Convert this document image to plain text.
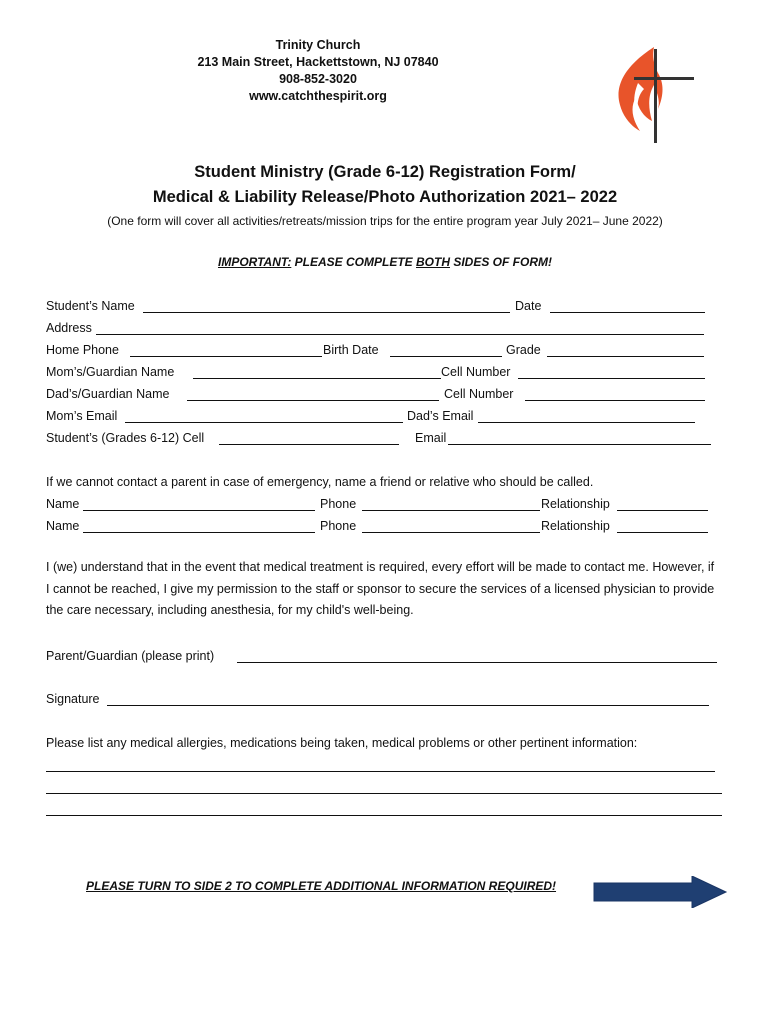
Trinity Church
213 Main Street, Hackettstown, NJ 07840
908-852-3020
www.catchthespirit.org
Student Ministry (Grade 6-12) Registration Form/
Medical & Liability Release/Photo Authorization 2021– 2022
(One form will cover all activities/retreats/mission trips for the entire program year July 2021– June 2022)
IMPORTANT: PLEASE COMPLETE BOTH SIDES OF FORM!
Student’s Name	Date
Address
Home Phone	Birth Date	Grade
Mom’s/Guardian Name	Cell Number
Dad’s/Guardian Name	Cell Number
Mom’s Email	Dad’s Email
Student’s (Grades 6-12) Cell	Email
If we cannot contact a parent in case of emergency, name a friend or relative who should be called.
Name	Phone	Relationship
Name	Phone	Relationship
I (we) understand that in the event that medical treatment is required, every effort will be made to contact me. However, if I cannot be reached, I give my permission to the staff or sponsor to secure the services of a licensed physician to provide the care necessary, including anesthesia, for my child's well-being.
Parent/Guardian (please print)
Signature
Please list any medical allergies, medications being taken, medical problems or other pertinent information:
PLEASE TURN TO SIDE 2 TO COMPLETE ADDITIONAL INFORMATION REQUIRED!
